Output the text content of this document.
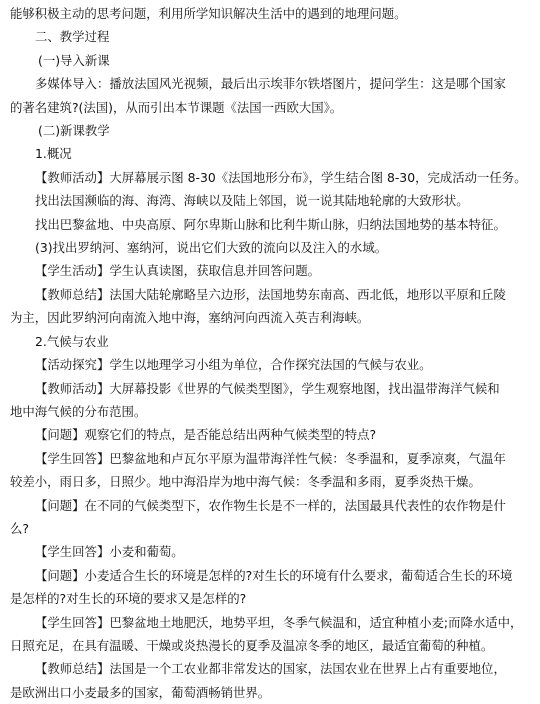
能够积极主动的思考问题，利用所学知识解决生活中的遇到的地理问题。

二、教学过程

(一)导入新课

多媒体导入：播放法国风光视频，最后出示埃菲尔铁塔图片，提问学生：这是哪个国家

的著名建筑?(法国)，从而引出本节课题《法国一西欧大国》。

(二)新课教学

1.概况

【教师活动】大屏幕展示图 8-30《法国地形分布》，学生结合图 8-30，完成活动一任务。

找出法国濒临的海、海湾、海峡以及陆上邻国，说一说其陆地轮廓的大致形状。

找出巴黎盆地、中央高原、阿尔卑斯山脉和比利牛斯山脉，归纳法国地势的基本特征。

(3)找出罗纳河、塞纳河，说出它们大致的流向以及注入的水域。

【学生活动】学生认真读图，获取信息并回答问题。

【教师总结】法国大陆轮廓略呈六边形，法国地势东南高、西北低，地形以平原和丘陵

为主，因此罗纳河向南流入地中海，塞纳河向西流入英吉利海峡。

2.气候与农业

【活动探究】学生以地理学习小组为单位，合作探究法国的气候与农业。

【教师活动】大屏幕投影《世界的气候类型图》，学生观察地图，找出温带海洋气候和

地中海气候的分布范围。

【问题】观察它们的特点，是否能总结出两种气候类型的特点?

【学生回答】巴黎盆地和卢瓦尔平原为温带海洋性气候：冬季温和，夏季凉爽，气温年

较差小，雨日多，日照少。地中海沿岸为地中海气候：冬季温和多雨，夏季炎热干燥。

【问题】在不同的气候类型下，农作物生长是不一样的，法国最具代表性的农作物是什

么?

【学生回答】小麦和葡萄。

【问题】小麦适合生长的环境是怎样的?对生长的环境有什么要求，葡萄适合生长的环境

是怎样的?对生长的环境的要求又是怎样的?

【学生回答】巴黎盆地土地肥沃，地势平坦，冬季气候温和，适宜种植小麦;而降水适中，

日照充足，在具有温暖、干燥或炎热漫长的夏季及温凉冬季的地区，最适宜葡萄的种植。

【教师总结】法国是一个工农业都非常发达的国家，法国农业在世界上占有重要地位，

是欧洲出口小麦最多的国家，葡萄酒畅销世界。
